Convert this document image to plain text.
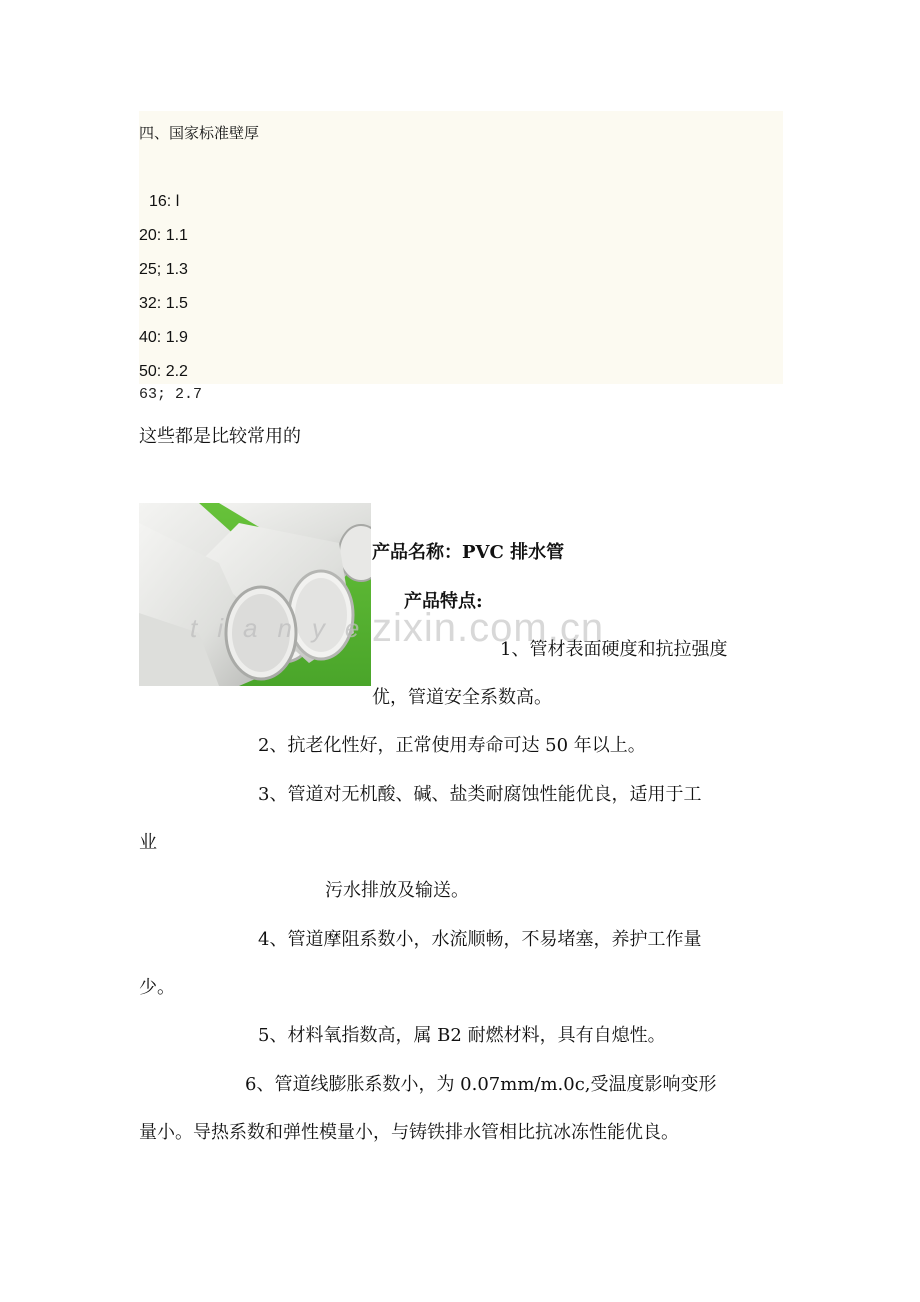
四、国家标准壁厚
16: l
20: 1.1
25; 1.3
32: 1.5
40: 1.9
50: 2.2
63; 2.7
这些都是比较常用的
tianye
zixin.com.cn
产品名称：PVC 排水管
产品特点:
1、管材表面硬度和抗拉强度
优，管道安全系数高。
2、抗老化性好，正常使用寿命可达 50 年以上。
3、管道对无机酸、碱、盐类耐腐蚀性能优良，适用于工
业
污水排放及输送。
4、管道摩阻系数小，水流顺畅，不易堵塞，养护工作量
少。
5、材料氧指数高，属 B2 耐燃材料，具有自熄性。
6、管道线膨胀系数小，为 0.07mm/m.0c,受温度影响变形
量小。导热系数和弹性模量小，与铸铁排水管相比抗冰冻性能优良。
